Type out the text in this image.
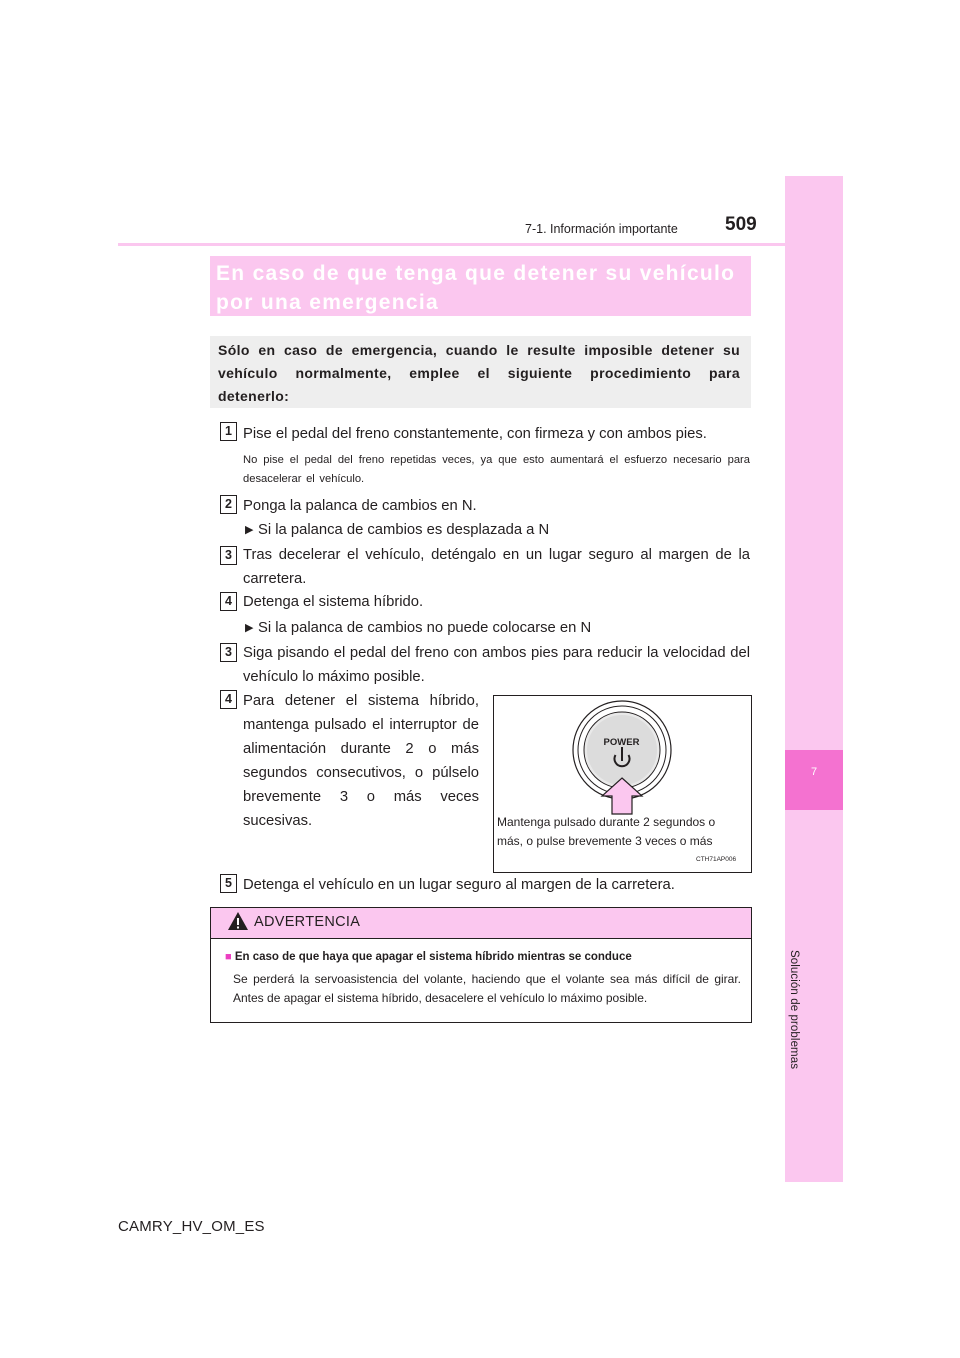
7
Solución de problemas
7-1. Información importante 509
En caso de que tenga que detener su vehículo
por una emergencia
Sólo en caso de emergencia, cuando le resulte imposible detener su vehículo normalmente, emplee el siguiente procedimiento para detenerlo:
1 Pise el pedal del freno constantemente, con firmeza y con ambos pies.
No pise el pedal del freno repetidas veces, ya que esto aumentará el esfuerzo necesario para desacelerar el vehículo.
2 Ponga la palanca de cambios en N.
▶ Si la palanca de cambios es desplazada a N
3 Tras decelerar el vehículo, deténgalo en un lugar seguro al margen de la carretera.
4 Detenga el sistema híbrido.
▶ Si la palanca de cambios no puede colocarse en N
3 Siga pisando el pedal del freno con ambos pies para reducir la velocidad del vehículo lo máximo posible.
4 Para detener el sistema híbrido, mantenga pulsado el interruptor de alimentación durante 2 o más segundos consecutivos, o púlselo brevemente 3 o más veces sucesivas.
POWER
Mantenga pulsado durante 2 segundos o
más, o pulse brevemente 3 veces o más
CTH71AP006
5 Detenga el vehículo en un lugar seguro al margen de la carretera.
ADVERTENCIA
■ En caso de que haya que apagar el sistema híbrido mientras se conduce
Se perderá la servoasistencia del volante, haciendo que el volante sea más difícil de girar. Antes de apagar el sistema híbrido, desacelere el vehículo lo máximo posible.
CAMRY_HV_OM_ES
